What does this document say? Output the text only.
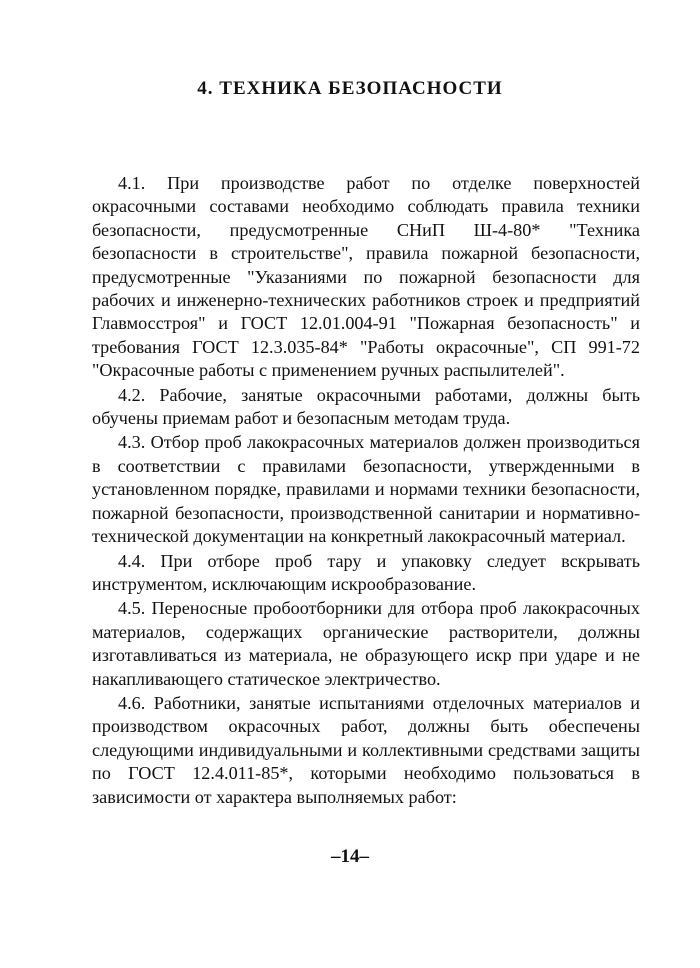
4. ТЕХНИКА БЕЗОПАСНОСТИ

4.1. При производстве работ по отделке поверхностей окрасочными составами необходимо соблюдать правила техники безопасности, предусмотренные СНиП Ш-4-80* "Техника безопасности в строительстве", правила пожарной безопасности, предусмотренные "Указаниями по пожарной безопасности для рабочих и инженерно-технических работников строек и предприятий Главмосстроя" и ГОСТ 12.01.004-91 "Пожарная безопасность" и требования ГОСТ 12.3.035-84* "Работы окрасочные", СП 991-72 "Окрасочные работы с применением ручных распылителей".

4.2. Рабочие, занятые окрасочными работами, должны быть обучены приемам работ и безопасным методам труда.

4.3. Отбор проб лакокрасочных материалов должен производиться в соответствии с правилами безопасности, утвержденными в установленном порядке, правилами и нормами техники безопасности, пожарной безопасности, производственной санитарии и нормативно-технической документации на конкретный лакокрасочный материал.

4.4. При отборе проб тару и упаковку следует вскрывать инструментом, исключающим искрообразование.

4.5. Переносные пробоотборники для отбора проб лакокрасочных материалов, содержащих органические растворители, должны изготавливаться из материала, не образующего искр при ударе и не накапливающего статическое электричество.

4.6. Работники, занятые испытаниями отделочных материалов и производством окрасочных работ, должны быть обеспечены следующими индивидуальными и коллективными средствами защиты по ГОСТ 12.4.011-85*, которыми необходимо пользоваться в зависимости от характера выполняемых работ:

–14–
